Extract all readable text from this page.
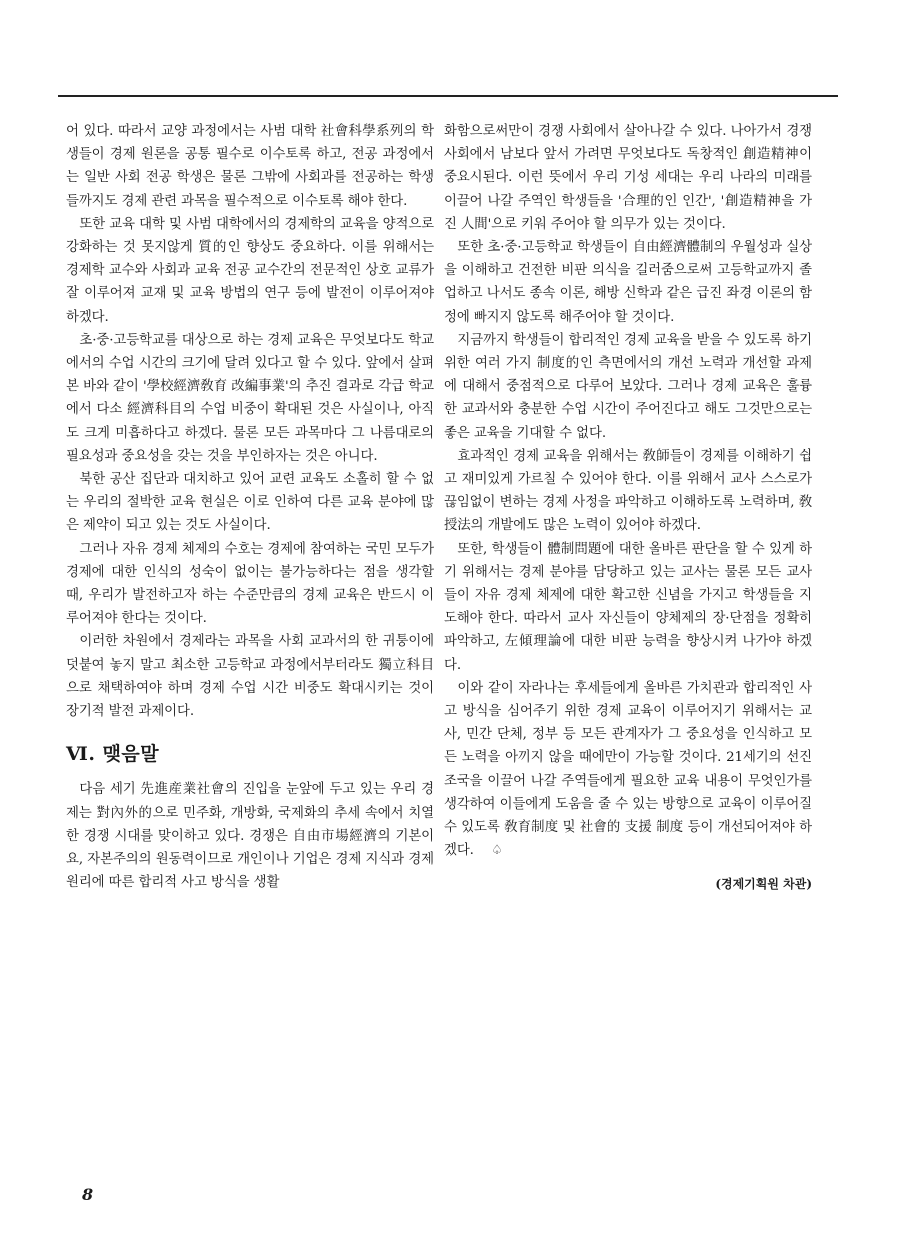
어 있다. 따라서 교양 과정에서는 사범 대학 社會科學系列의 학생들이 경제 원론을 공통 필수로 이수토록 하고, 전공 과정에서는 일반 사회 전공 학생은 물론 그밖에 사회과를 전공하는 학생들까지도 경제 관련 과목을 필수적으로 이수토록 해야 한다.

또한 교육 대학 및 사범 대학에서의 경제학의 교육을 양적으로 강화하는 것 못지않게 質的인 향상도 중요하다. 이를 위해서는 경제학 교수와 사회과 교육 전공 교수간의 전문적인 상호 교류가 잘 이루어져 교재 및 교육 방법의 연구 등에 발전이 이루어져야 하겠다.

초·중·고등학교를 대상으로 하는 경제 교육은 무엇보다도 학교에서의 수업 시간의 크기에 달려 있다고 할 수 있다. 앞에서 살펴본 바와 같이 '學校經濟敎育 改編事業'의 추진 결과로 각급 학교에서 다소 經濟科目의 수업 비중이 확대된 것은 사실이나, 아직도 크게 미흡하다고 하겠다. 물론 모든 과목마다 그 나름대로의 필요성과 중요성을 갖는 것을 부인하자는 것은 아니다.

북한 공산 집단과 대치하고 있어 교련 교육도 소홀히 할 수 없는 우리의 절박한 교육 현실은 이로 인하여 다른 교육 분야에 많은 제약이 되고 있는 것도 사실이다.

그러나 자유 경제 체제의 수호는 경제에 참여하는 국민 모두가 경제에 대한 인식의 성숙이 없이는 불가능하다는 점을 생각할 때, 우리가 발전하고자 하는 수준만큼의 경제 교육은 반드시 이루어져야 한다는 것이다.

이러한 차원에서 경제라는 과목을 사회 교과서의 한 귀퉁이에 덧붙여 놓지 말고 최소한 고등학교 과정에서부터라도 獨立科目으로 채택하여야 하며 경제 수업 시간 비중도 확대시키는 것이 장기적 발전 과제이다.

Ⅵ. 맺음말

다음 세기 先進産業社會의 진입을 눈앞에 두고 있는 우리 경제는 對內外的으로 민주화, 개방화, 국제화의 추세 속에서 치열한 경쟁 시대를 맞이하고 있다. 경쟁은 自由市場經濟의 기본이요, 자본주의의 원동력이므로 개인이나 기업은 경제 지식과 경제 원리에 따른 합리적 사고 방식을 생활

화함으로써만이 경쟁 사회에서 살아나갈 수 있다. 나아가서 경쟁 사회에서 남보다 앞서 가려면 무엇보다도 독창적인 創造精神이 중요시된다. 이런 뜻에서 우리 기성 세대는 우리 나라의 미래를 이끌어 나갈 주역인 학생들을 '合理的인 인간', '創造精神을 가진 人間'으로 키워 주어야 할 의무가 있는 것이다.

또한 초·중·고등학교 학생들이 自由經濟體制의 우월성과 실상을 이해하고 건전한 비판 의식을 길러줌으로써 고등학교까지 졸업하고 나서도 종속 이론, 해방 신학과 같은 급진 좌경 이론의 함정에 빠지지 않도록 해주어야 할 것이다.

지금까지 학생들이 합리적인 경제 교육을 받을 수 있도록 하기 위한 여러 가지 制度的인 측면에서의 개선 노력과 개선할 과제에 대해서 중점적으로 다루어 보았다. 그러나 경제 교육은 훌륭한 교과서와 충분한 수업 시간이 주어진다고 해도 그것만으로는 좋은 교육을 기대할 수 없다.

효과적인 경제 교육을 위해서는 敎師들이 경제를 이해하기 쉽고 재미있게 가르칠 수 있어야 한다. 이를 위해서 교사 스스로가 끊임없이 변하는 경제 사정을 파악하고 이해하도록 노력하며, 敎授法의 개발에도 많은 노력이 있어야 하겠다.

또한, 학생들이 體制問題에 대한 올바른 판단을 할 수 있게 하기 위해서는 경제 분야를 담당하고 있는 교사는 물론 모든 교사들이 자유 경제 체제에 대한 확고한 신념을 가지고 학생들을 지도해야 한다. 따라서 교사 자신들이 양체제의 장·단점을 정확히 파악하고, 左傾理論에 대한 비판 능력을 향상시켜 나가야 하겠다.

이와 같이 자라나는 후세들에게 올바른 가치관과 합리적인 사고 방식을 심어주기 위한 경제 교육이 이루어지기 위해서는 교사, 민간 단체, 정부 등 모든 관계자가 그 중요성을 인식하고 모든 노력을 아끼지 않을 때에만이 가능할 것이다. 21세기의 선진 조국을 이끌어 나갈 주역들에게 필요한 교육 내용이 무엇인가를 생각하여 이들에게 도움을 줄 수 있는 방향으로 교육이 이루어질 수 있도록 敎育制度 및 社會的 支援 制度 등이 개선되어져야 하겠다. ♤

(경제기획원 차관)
8
